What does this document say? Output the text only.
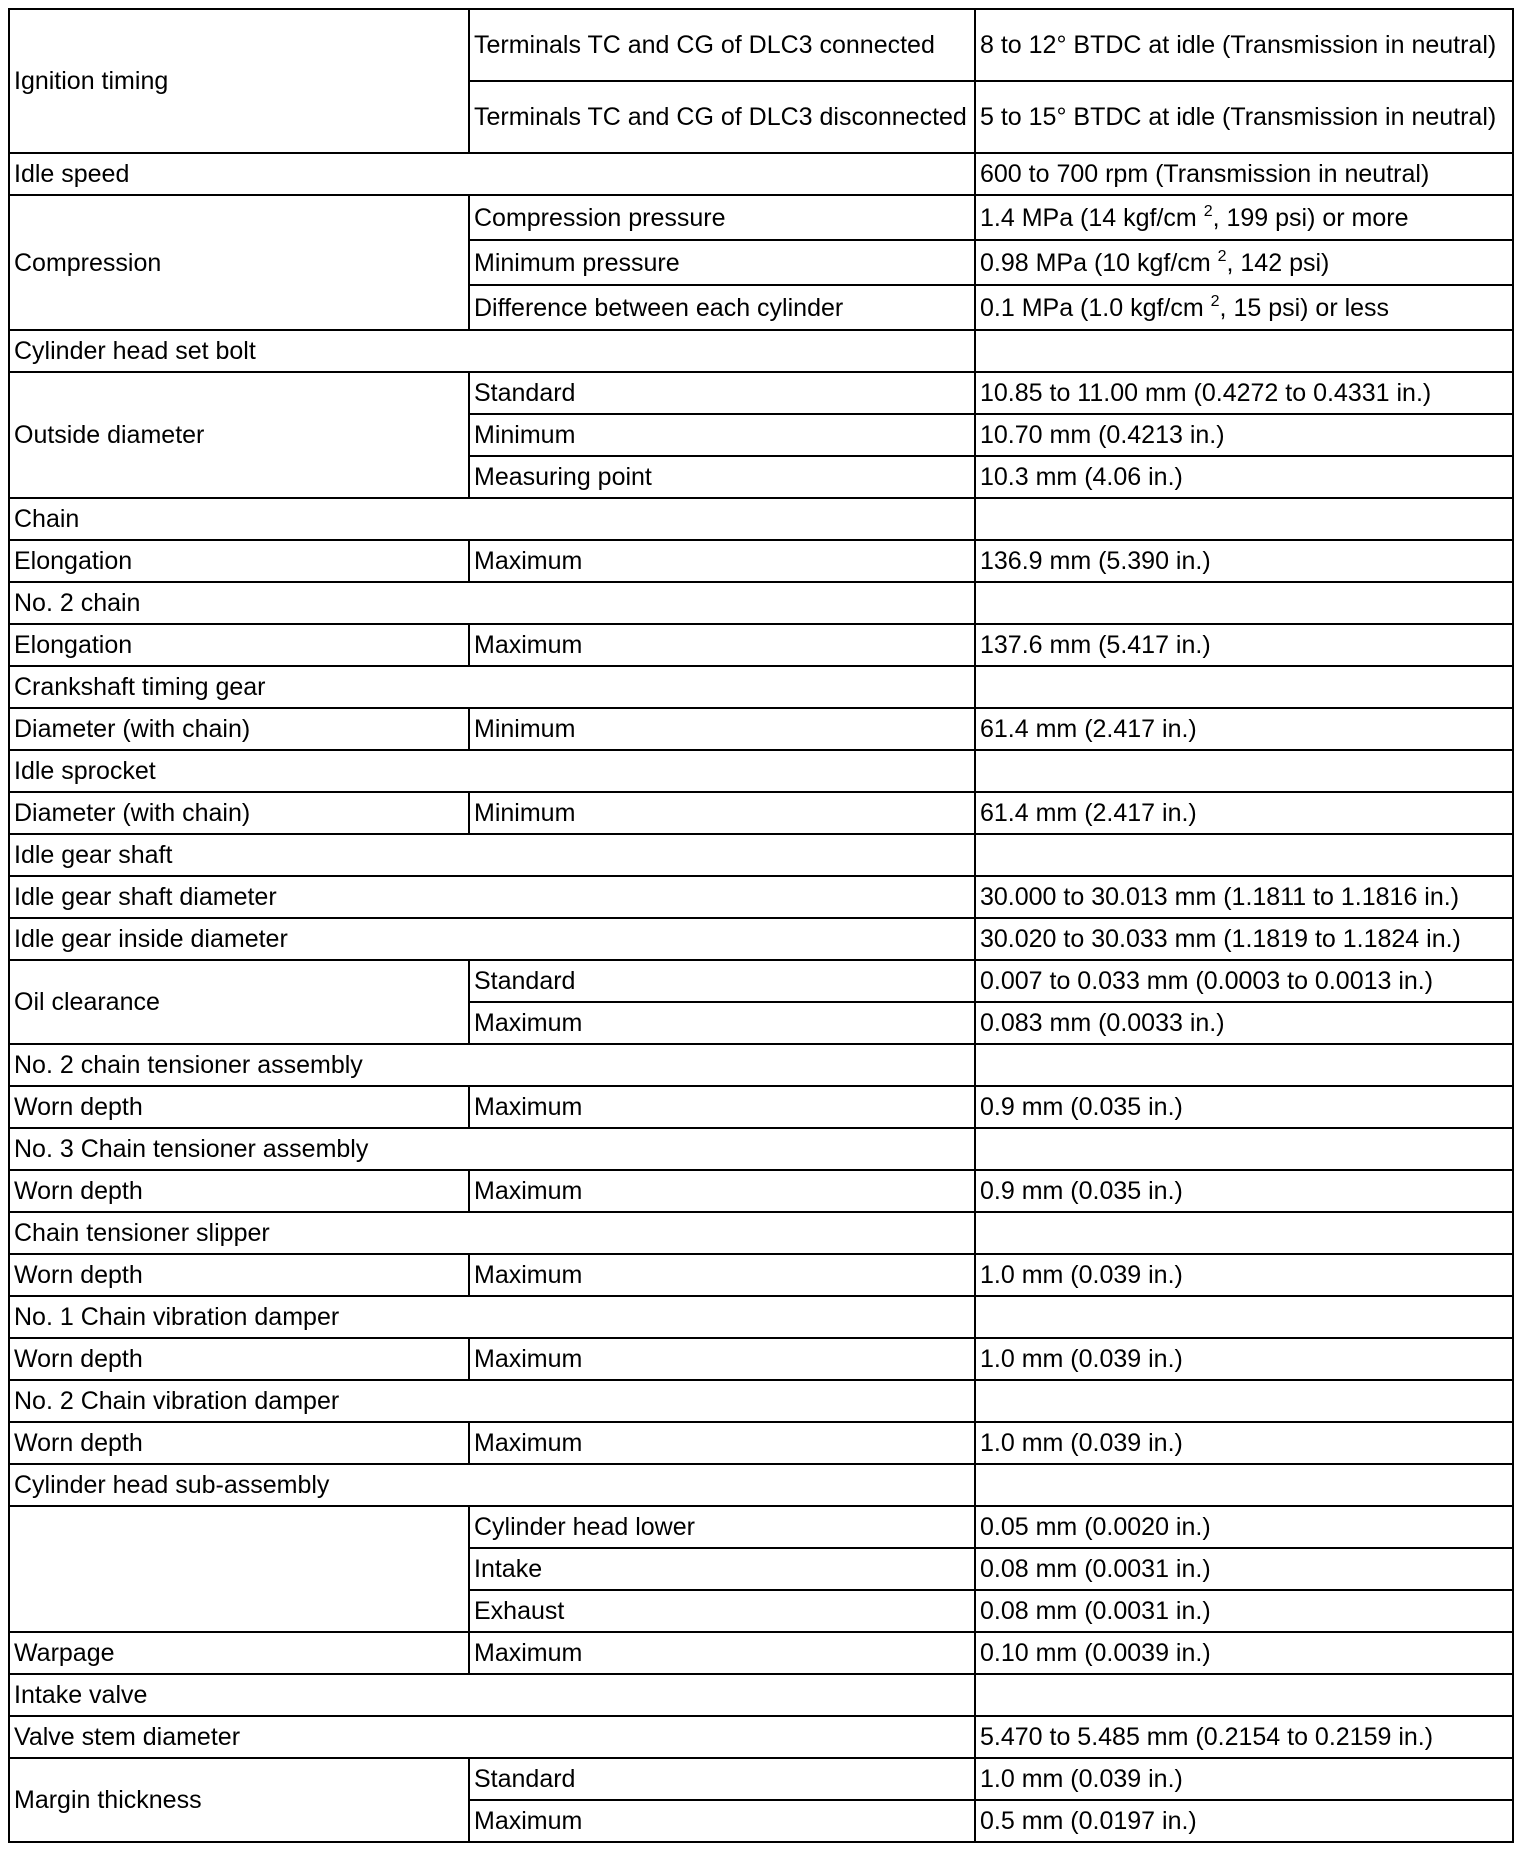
Ignition timing	Terminals TC and CG of DLC3 connected	8 to 12° BTDC at idle (Transmission in neutral)
	Terminals TC and CG of DLC3 disconnected	5 to 15° BTDC at idle (Transmission in neutral)
Idle speed		600 to 700 rpm (Transmission in neutral)
Compression	Compression pressure	1.4 MPa (14 kgf/cm $^2$, 199 psi) or more
	Minimum pressure	0.98 MPa (10 kgf/cm $^2$, 142 psi)
	Difference between each cylinder	0.1 MPa (1.0 kgf/cm $^2$, 15 psi) or less
Cylinder head set bolt		
Outside diameter	Standard	10.85 to 11.00 mm (0.4272 to 0.4331 in.)
	Minimum	10.70 mm (0.4213 in.)
	Measuring point	10.3 mm (4.06 in.)
Chain		
Elongation	Maximum	136.9 mm (5.390 in.)
No. 2 chain		
Elongation	Maximum	137.6 mm (5.417 in.)
Crankshaft timing gear		
Diameter (with chain)	Minimum	61.4 mm (2.417 in.)
Idle sprocket		
Diameter (with chain)	Minimum	61.4 mm (2.417 in.)
Idle gear shaft		
Idle gear shaft diameter		30.000 to 30.013 mm (1.1811 to 1.1816 in.)
Idle gear inside diameter		30.020 to 30.033 mm (1.1819 to 1.1824 in.)
Oil clearance	Standard	0.007 to 0.033 mm (0.0003 to 0.0013 in.)
	Maximum	0.083 mm (0.0033 in.)
No. 2 chain tensioner assembly		
Worn depth	Maximum	0.9 mm (0.035 in.)
No. 3 Chain tensioner assembly		
Worn depth	Maximum	0.9 mm (0.035 in.)
Chain tensioner slipper		
Worn depth	Maximum	1.0 mm (0.039 in.)
No. 1 Chain vibration damper		
Worn depth	Maximum	1.0 mm (0.039 in.)
No. 2 Chain vibration damper		
Worn depth	Maximum	1.0 mm (0.039 in.)
Cylinder head sub-assembly		
	Cylinder head lower	0.05 mm (0.0020 in.)
	Intake	0.08 mm (0.0031 in.)
	Exhaust	0.08 mm (0.0031 in.)
Warpage	Maximum	0.10 mm (0.0039 in.)
Intake valve		
Valve stem diameter		5.470 to 5.485 mm (0.2154 to 0.2159 in.)
Margin thickness	Standard	1.0 mm (0.039 in.)
	Maximum	0.5 mm (0.0197 in.)
